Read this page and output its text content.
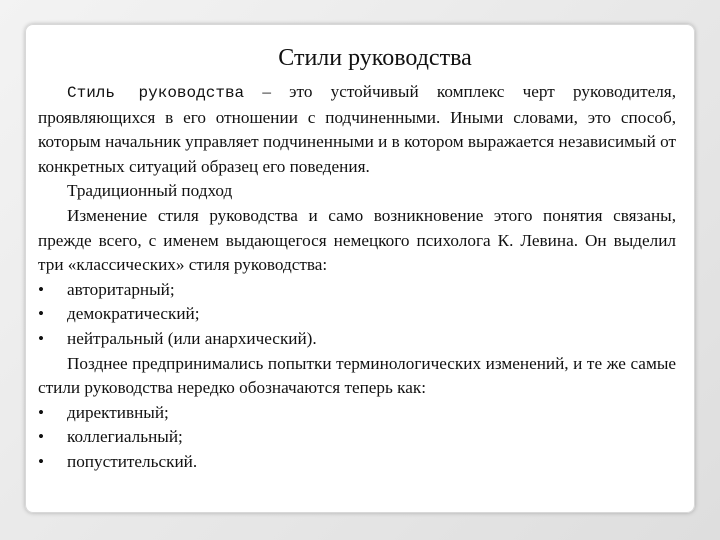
Стили руководства

Стиль руководства – это устойчивый комплекс черт руководителя, проявляющихся в его отношении с подчиненными. Иными словами, это способ, которым начальник управляет подчиненными и в котором выражается независимый от конкретных ситуаций образец его поведения.

Традиционный подход

Изменение стиля руководства и само возникновение этого понятия связаны, прежде всего, с именем выдающегося немецкого психолога К. Левина. Он выделил три «классических» стиля руководства:

• авторитарный;
• демократический;
• нейтральный (или анархический).

Позднее предпринимались попытки терминологических изменений, и те же самые стили руководства нередко обозначаются теперь как:

• директивный;
• коллегиальный;
• попустительский.
